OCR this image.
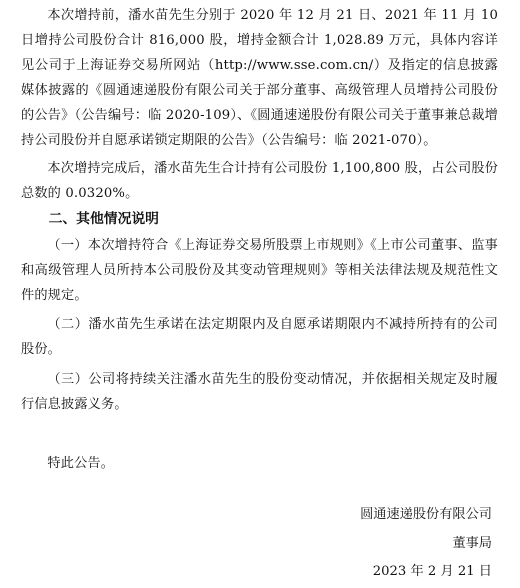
本次增持前，潘水苗先生分别于 2020 年 12 月 21 日、2021 年 11 月 10 日增持公司股份合计 816,000 股，增持金额合计 1,028.89 万元，具体内容详见公司于上海证券交易所网站（http://www.sse.com.cn/）及指定的信息披露媒体披露的《圆通速递股份有限公司关于部分董事、高级管理人员增持公司股份的公告》（公告编号：临 2020-109）、《圆通速递股份有限公司关于董事兼总裁增持公司股份并自愿承诺锁定期限的公告》（公告编号：临 2021-070）。

本次增持完成后，潘水苗先生合计持有公司股份 1,100,800 股，占公司股份总数的 0.0320%。

二、其他情况说明

（一）本次增持符合《上海证券交易所股票上市规则》《上市公司董事、监事和高级管理人员所持本公司股份及其变动管理规则》等相关法律法规及规范性文件的规定。

（二）潘水苗先生承诺在法定期限内及自愿承诺期限内不减持所持有的公司股份。

（三）公司将持续关注潘水苗先生的股份变动情况，并依据相关规定及时履行信息披露义务。

特此公告。

圆通速递股份有限公司
董事局
2023 年 2 月 21 日
